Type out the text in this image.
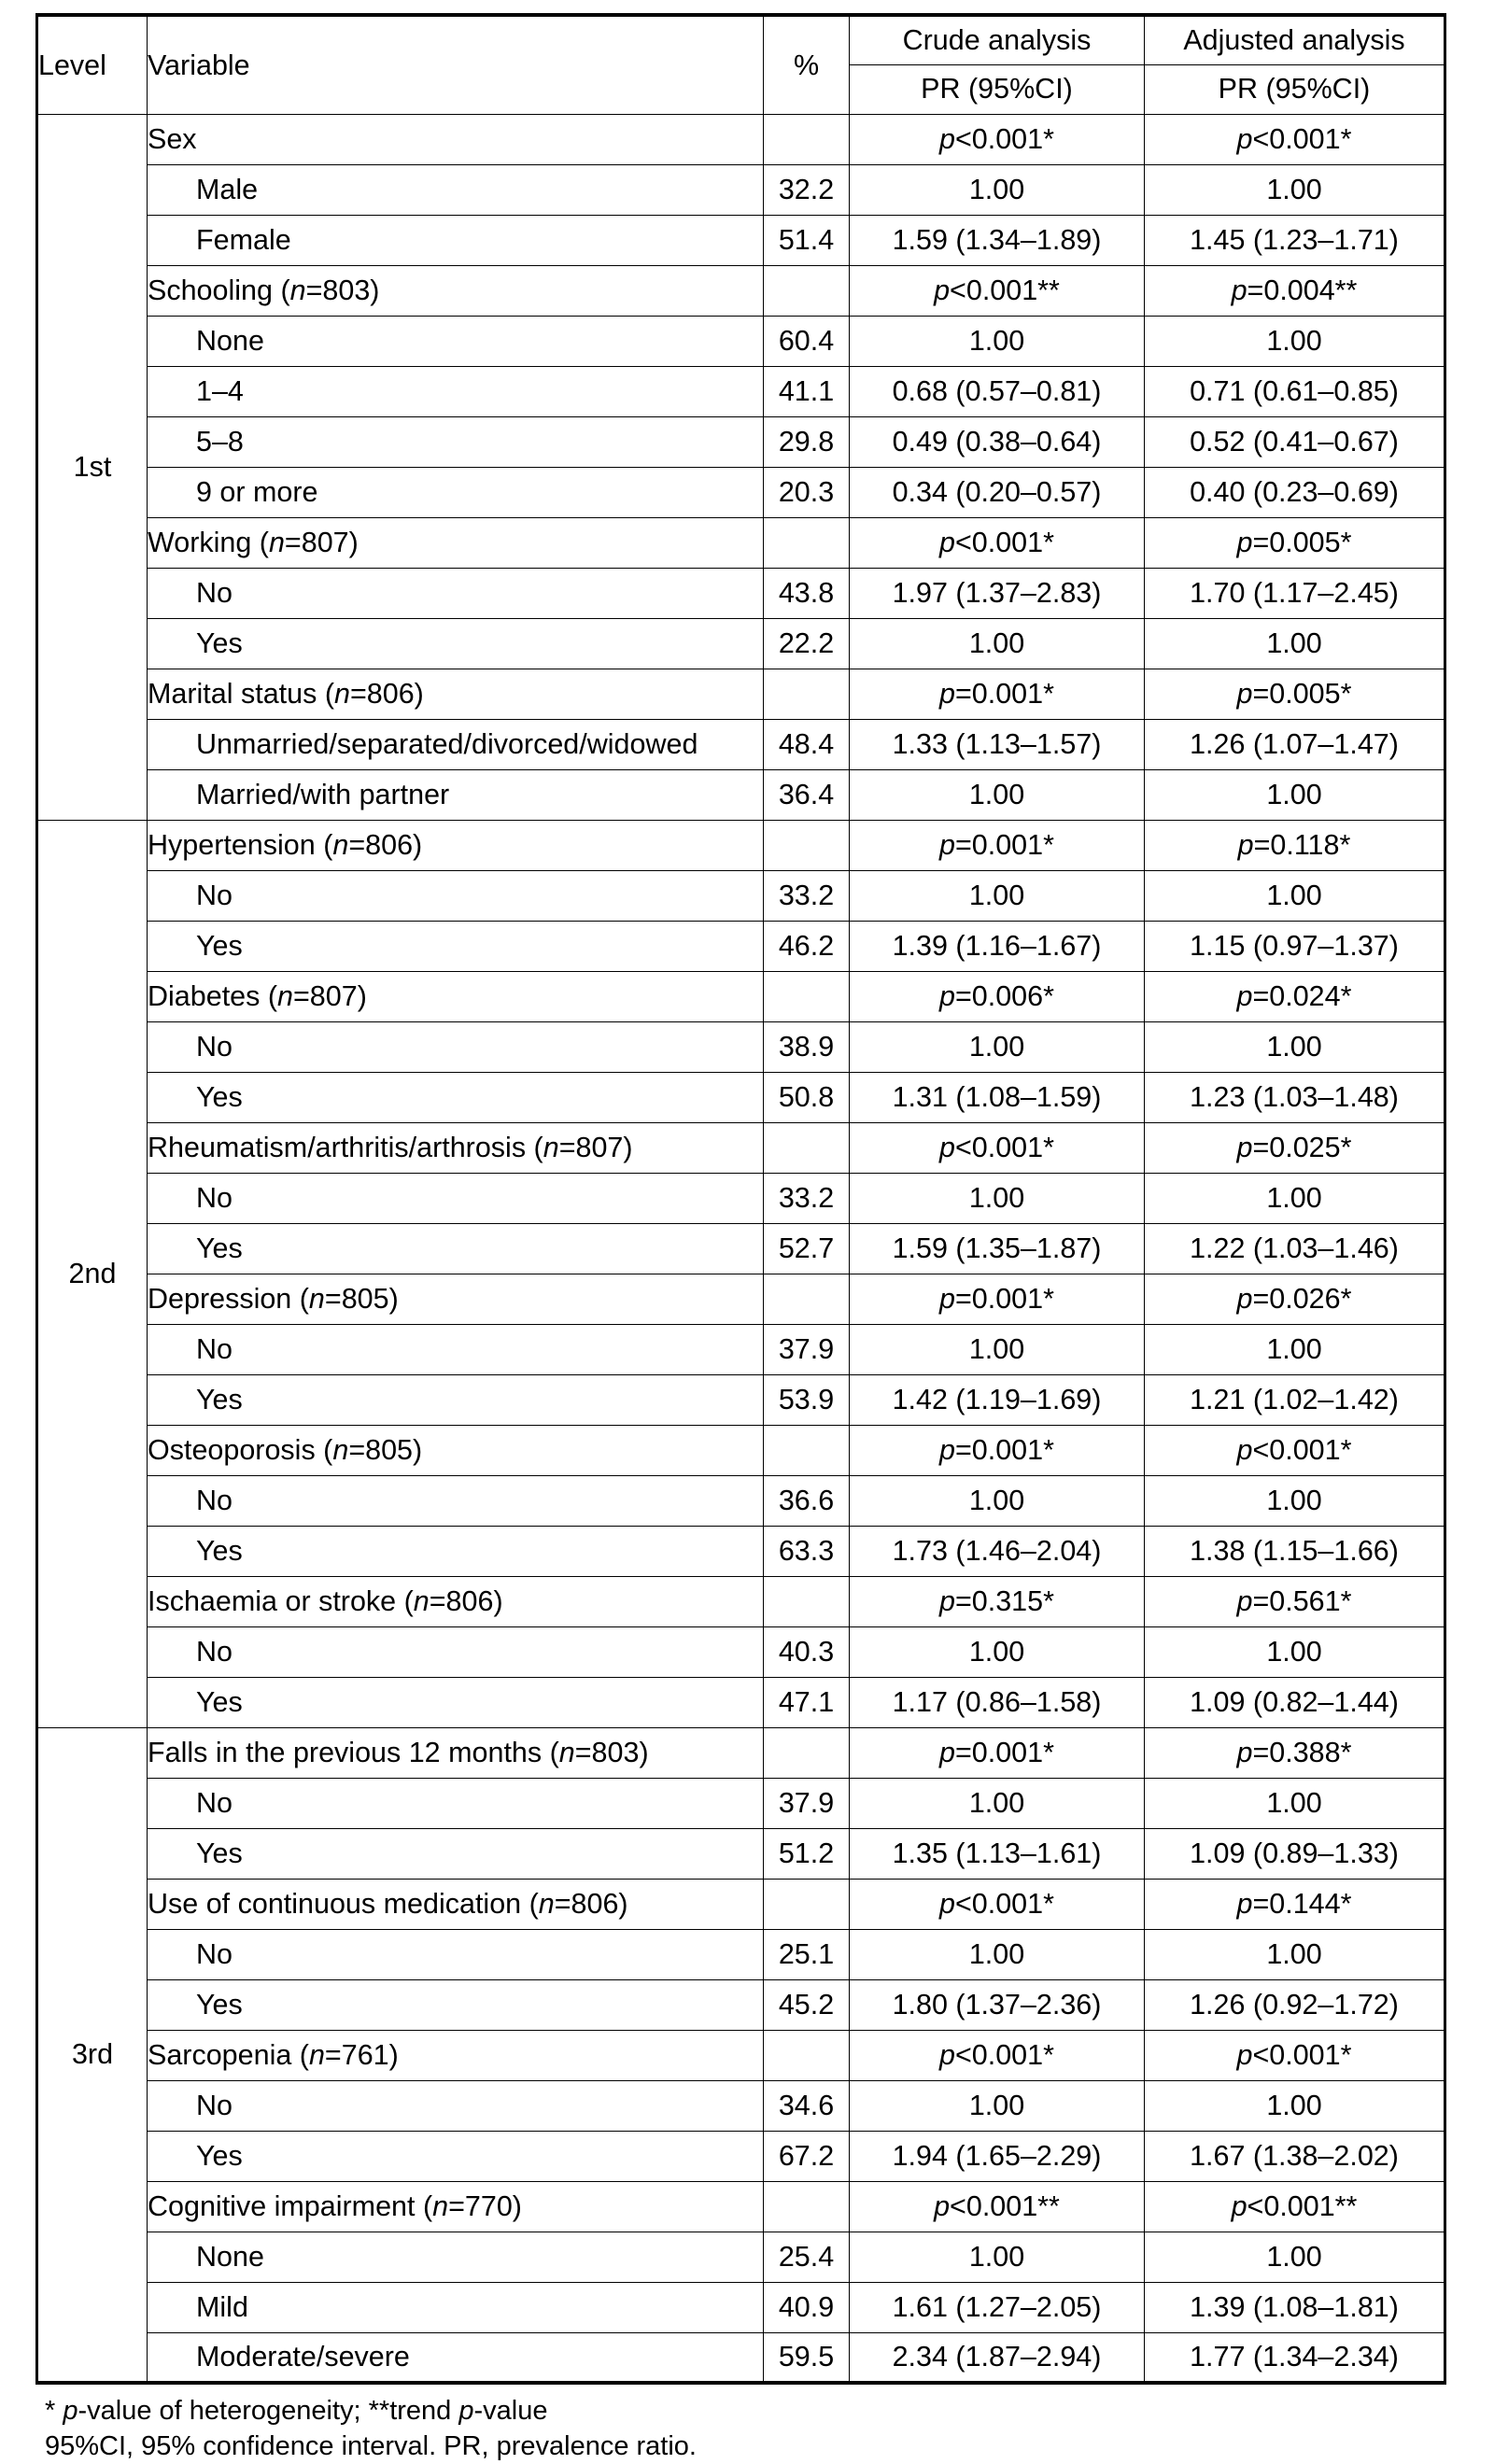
Level	Variable	%	Crude analysis	Adjusted analysis
			PR (95%CI)	PR (95%CI)
1st	Sex		p<0.001*	p<0.001*
	Male	32.2	1.00	1.00
	Female	51.4	1.59 (1.34–1.89)	1.45 (1.23–1.71)
	Schooling (n=803)		p<0.001**	p=0.004**
	None	60.4	1.00	1.00
	1–4	41.1	0.68 (0.57–0.81)	0.71 (0.61–0.85)
	5–8	29.8	0.49 (0.38–0.64)	0.52 (0.41–0.67)
	9 or more	20.3	0.34 (0.20–0.57)	0.40 (0.23–0.69)
	Working (n=807)		p<0.001*	p=0.005*
	No	43.8	1.97 (1.37–2.83)	1.70 (1.17–2.45)
	Yes	22.2	1.00	1.00
	Marital status (n=806)		p=0.001*	p=0.005*
	Unmarried/separated/divorced/widowed	48.4	1.33 (1.13–1.57)	1.26 (1.07–1.47)
	Married/with partner	36.4	1.00	1.00
2nd	Hypertension (n=806)		p=0.001*	p=0.118*
	No	33.2	1.00	1.00
	Yes	46.2	1.39 (1.16–1.67)	1.15 (0.97–1.37)
	Diabetes (n=807)		p=0.006*	p=0.024*
	No	38.9	1.00	1.00
	Yes	50.8	1.31 (1.08–1.59)	1.23 (1.03–1.48)
	Rheumatism/arthritis/arthrosis (n=807)		p<0.001*	p=0.025*
	No	33.2	1.00	1.00
	Yes	52.7	1.59 (1.35–1.87)	1.22 (1.03–1.46)
	Depression (n=805)		p=0.001*	p=0.026*
	No	37.9	1.00	1.00
	Yes	53.9	1.42 (1.19–1.69)	1.21 (1.02–1.42)
	Osteoporosis (n=805)		p=0.001*	p<0.001*
	No	36.6	1.00	1.00
	Yes	63.3	1.73 (1.46–2.04)	1.38 (1.15–1.66)
	Ischaemia or stroke (n=806)		p=0.315*	p=0.561*
	No	40.3	1.00	1.00
	Yes	47.1	1.17 (0.86–1.58)	1.09 (0.82–1.44)
3rd	Falls in the previous 12 months (n=803)		p=0.001*	p=0.388*
	No	37.9	1.00	1.00
	Yes	51.2	1.35 (1.13–1.61)	1.09 (0.89–1.33)
	Use of continuous medication (n=806)		p<0.001*	p=0.144*
	No	25.1	1.00	1.00
	Yes	45.2	1.80 (1.37–2.36)	1.26 (0.92–1.72)
	Sarcopenia (n=761)		p<0.001*	p<0.001*
	No	34.6	1.00	1.00
	Yes	67.2	1.94 (1.65–2.29)	1.67 (1.38–2.02)
	Cognitive impairment (n=770)		p<0.001**	p<0.001**
	None	25.4	1.00	1.00
	Mild	40.9	1.61 (1.27–2.05)	1.39 (1.08–1.81)
	Moderate/severe	59.5	2.34 (1.87–2.94)	1.77 (1.34–2.34)
* p-value of heterogeneity; **trend p-value
95%CI, 95% confidence interval. PR, prevalence ratio.
